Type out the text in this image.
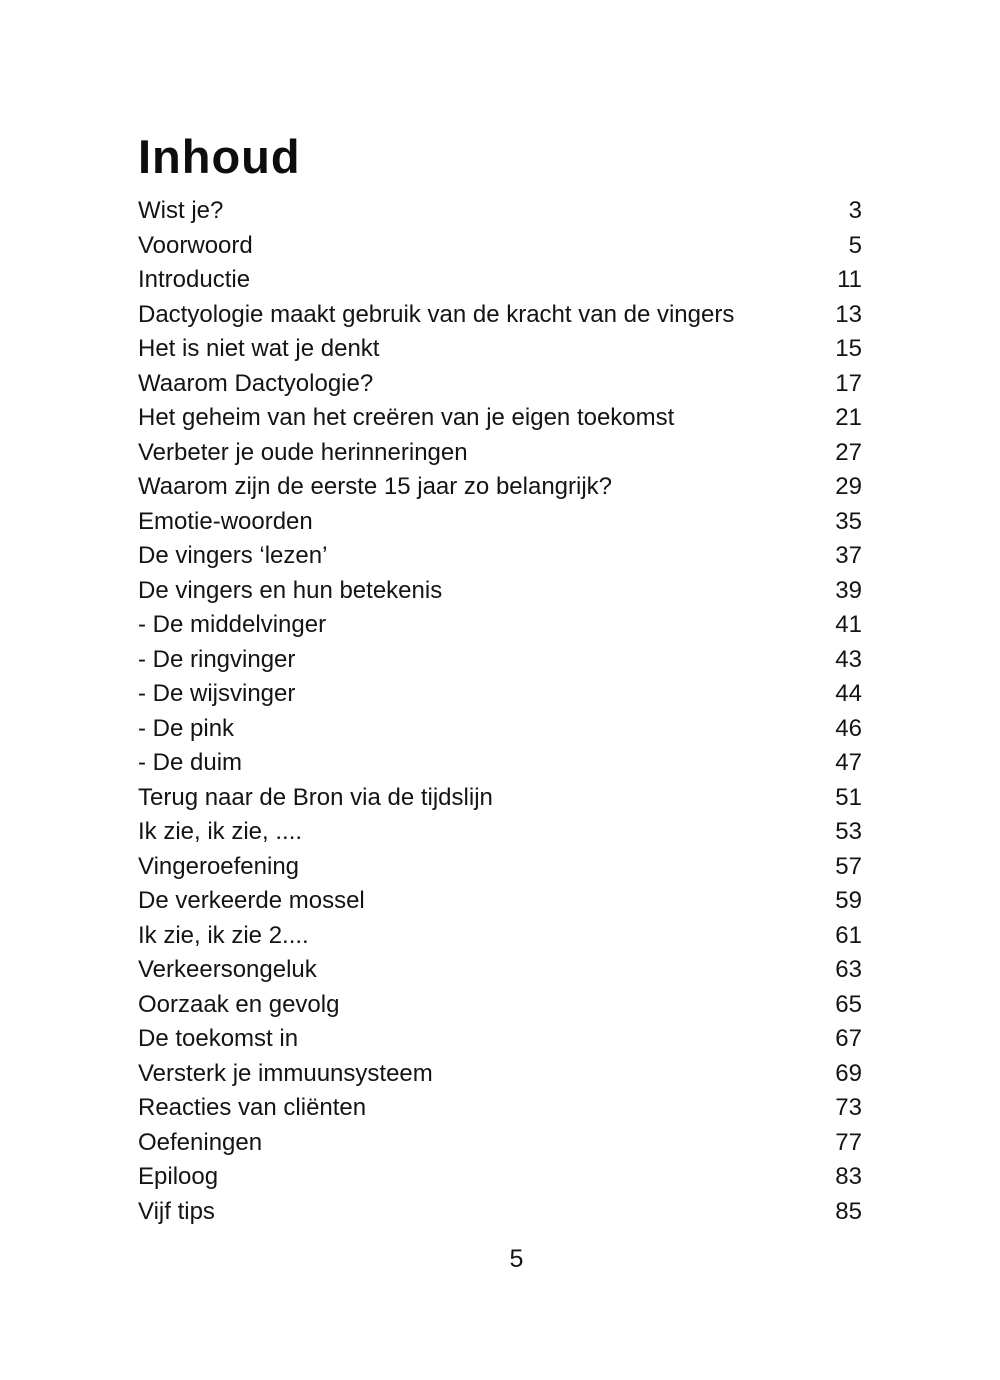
Inhoud
Wist je?	3
Voorwoord	5
Introductie	11
Dactyologie maakt gebruik van de kracht van de vingers	13
Het is niet wat je denkt	15
Waarom Dactyologie?	17
Het geheim van het creëren van je eigen toekomst	21
Verbeter je oude herinneringen	27
Waarom zijn de eerste 15 jaar zo belangrijk?	29
Emotie-woorden	35
De vingers ‘lezen’	37
De vingers en hun betekenis	39
- De middelvinger	41
- De ringvinger	43
- De wijsvinger	44
- De pink	46
- De duim	47
Terug naar de Bron via de tijdslijn	51
Ik zie, ik zie, ....	53
Vingeroefening	57
De verkeerde mossel	59
Ik zie, ik zie 2....	61
Verkeersongeluk	63
Oorzaak en gevolg	65
De toekomst in	67
Versterk je immuunsysteem	69
Reacties van cliënten	73
Oefeningen	77
Epiloog	83
Vijf tips	85
5
